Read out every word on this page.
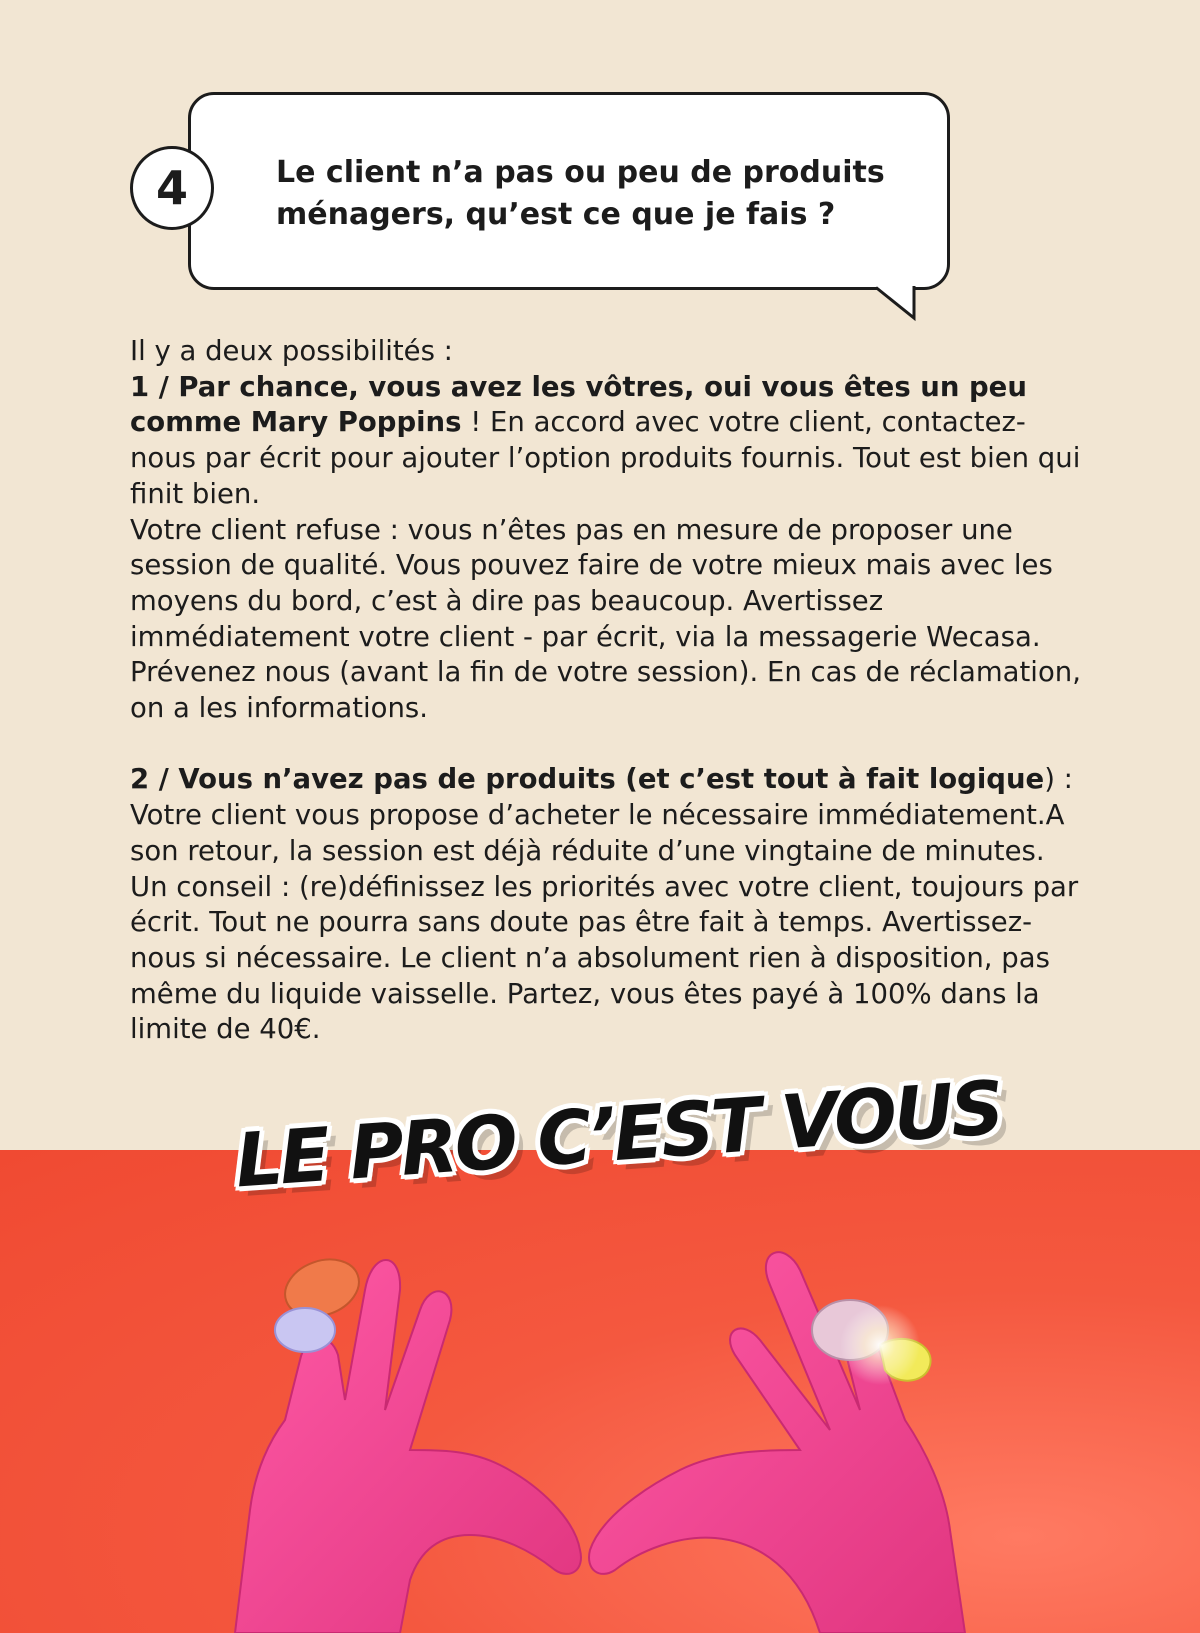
4	Le client n’a pas ou peu de produits ménagers, qu’est ce que je fais ?

Il y a deux possibilités :

1 / Par chance, vous avez les vôtres, oui vous êtes un peu comme Mary Poppins ! En accord avec votre client, contactez-nous par écrit pour ajouter l’option produits fournis. Tout est bien qui finit bien.

Votre client refuse : vous n’êtes pas en mesure de proposer une session de qualité. Vous pouvez faire de votre mieux mais avec les moyens du bord, c’est à dire pas beaucoup. Avertissez immédiatement votre client - par écrit, via la messagerie Wecasa. Prévenez nous (avant la fin de votre session). En cas de réclamation, on a les informations.

2 / Vous n’avez pas de produits (et c’est tout à fait logique) :

Votre client vous propose d’acheter le nécessaire immédiatement.A son retour, la session est déjà réduite d’une vingtaine de minutes. Un conseil : (re)définissez les priorités avec votre client, toujours par écrit. Tout ne pourra sans doute pas être fait à temps. Avertissez-nous si nécessaire. Le client n’a absolument rien à disposition, pas même du liquide vaisselle. Partez, vous êtes payé à 100% dans la limite de 40€.

LE PRO C’EST VOUS
